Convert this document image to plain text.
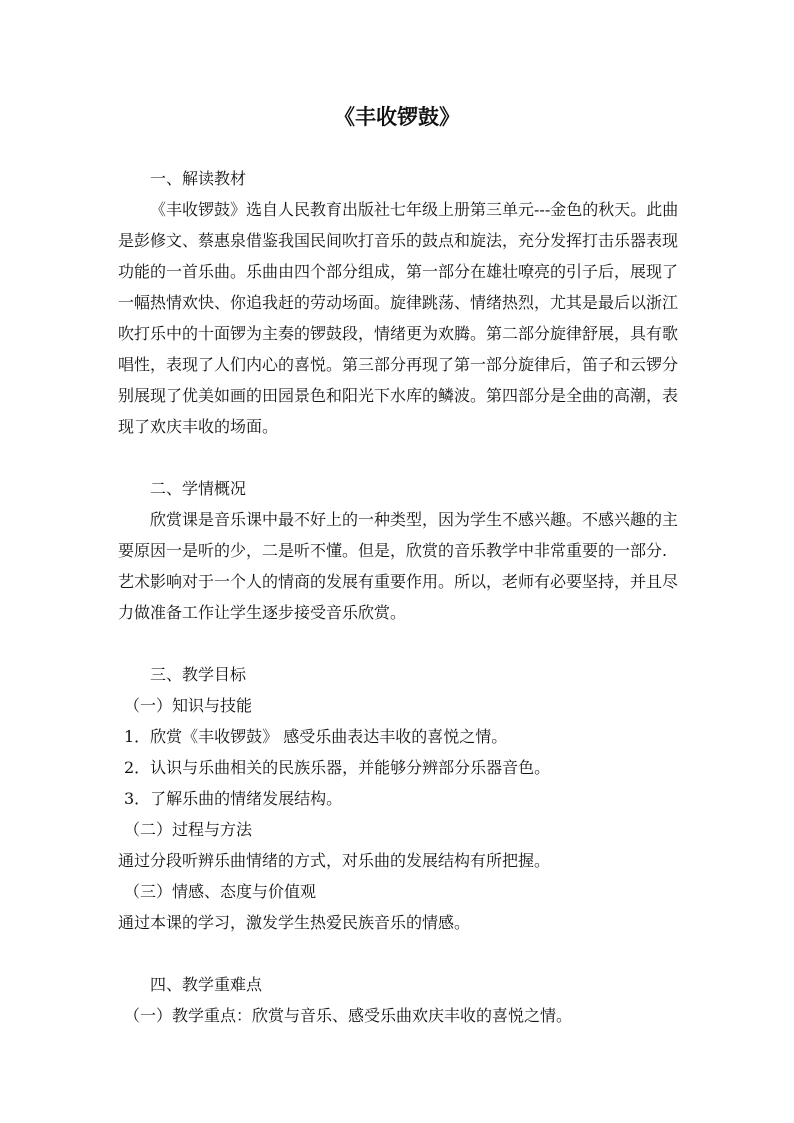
《丰收锣鼓》
一、解读教材
《丰收锣鼓》选自人民教育出版社七年级上册第三单元---金色的秋天。此曲
是彭修文、蔡惠泉借鉴我国民间吹打音乐的鼓点和旋法，充分发挥打击乐器表现
功能的一首乐曲。乐曲由四个部分组成，第一部分在雄壮嘹亮的引子后，展现了
一幅热情欢快、你追我赶的劳动场面。旋律跳荡、情绪热烈，尤其是最后以浙江
吹打乐中的十面锣为主奏的锣鼓段，情绪更为欢腾。第二部分旋律舒展，具有歌
唱性，表现了人们内心的喜悦。第三部分再现了第一部分旋律后，笛子和云锣分
别展现了优美如画的田园景色和阳光下水库的鳞波。第四部分是全曲的高潮，表
现了欢庆丰收的场面。
二、学情概况
欣赏课是音乐课中最不好上的一种类型，因为学生不感兴趣。不感兴趣的主
要原因一是听的少，二是听不懂。但是，欣赏的音乐教学中非常重要的一部分.
艺术影响对于一个人的情商的发展有重要作用。所以，老师有必要坚持，并且尽
力做准备工作让学生逐步接受音乐欣赏。
三、教学目标
（一）知识与技能
1．欣赏《丰收锣鼓》 感受乐曲表达丰收的喜悦之情。
2．认识与乐曲相关的民族乐器，并能够分辨部分乐器音色。
3．了解乐曲的情绪发展结构。
（二）过程与方法
通过分段听辨乐曲情绪的方式，对乐曲的发展结构有所把握。
（三）情感、态度与价值观
通过本课的学习，激发学生热爱民族音乐的情感。
四、教学重难点
（一）教学重点：欣赏与音乐、感受乐曲欢庆丰收的喜悦之情。
